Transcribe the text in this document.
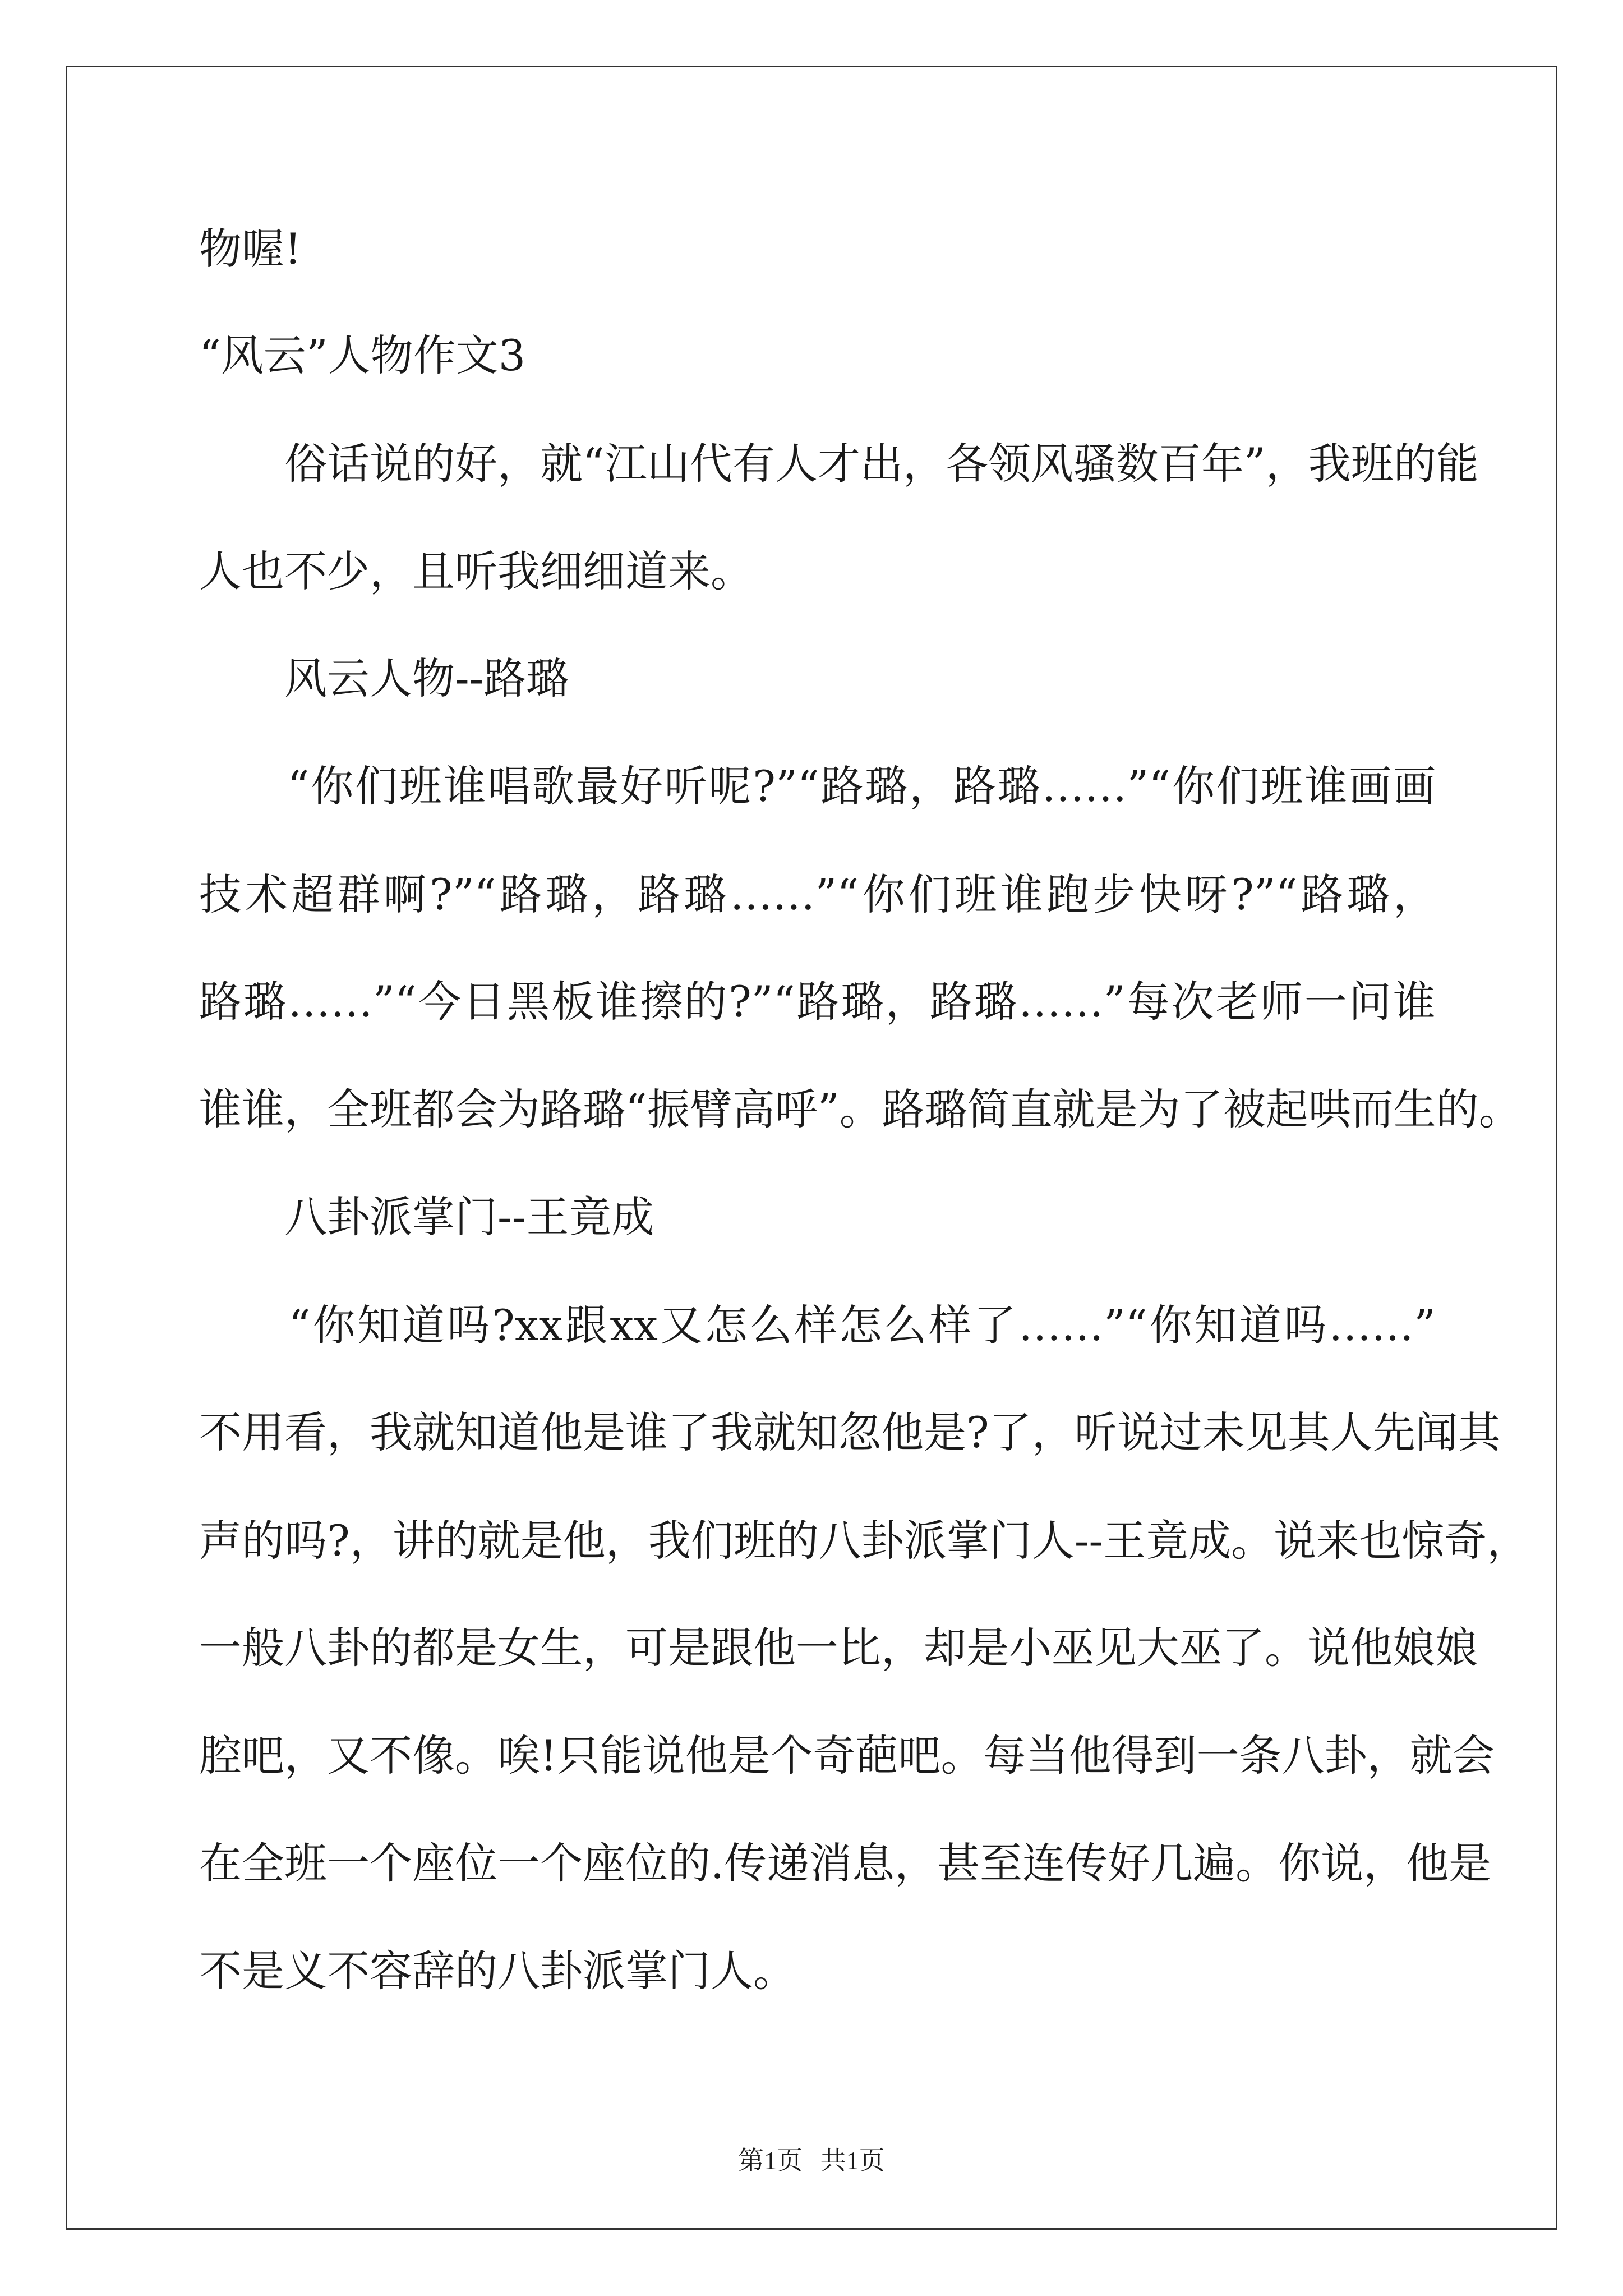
物喔!
“风云”人物作文3
　　俗话说的好，就“江山代有人才出，各领风骚数百年”，我班的能
人也不少，且听我细细道来。
　　风云人物--路璐
　　“你们班谁唱歌最好听呢?”“路璐，路璐……”“你们班谁画画
技术超群啊?”“路璐，路璐……”“你们班谁跑步快呀?”“路璐，
路璐……”“今日黑板谁擦的?”“路璐，路璐……”每次老师一问谁
谁谁，全班都会为路璐“振臂高呼”。路璐简直就是为了被起哄而生的。
　　八卦派掌门--王竟成
　　“你知道吗?xx跟xx又怎么样怎么样了……”“你知道吗……”
不用看，我就知道他是谁了我就知忽他是?了，听说过未见其人先闻其
声的吗?，讲的就是他，我们班的八卦派掌门人--王竟成。说来也惊奇，
一般八卦的都是女生，可是跟他一比，却是小巫见大巫了。说他娘娘
腔吧，又不像。唉!只能说他是个奇葩吧。每当他得到一条八卦，就会
在全班一个座位一个座位的.传递消息，甚至连传好几遍。你说，他是
不是义不容辞的八卦派掌门人。
第1页 共1页
